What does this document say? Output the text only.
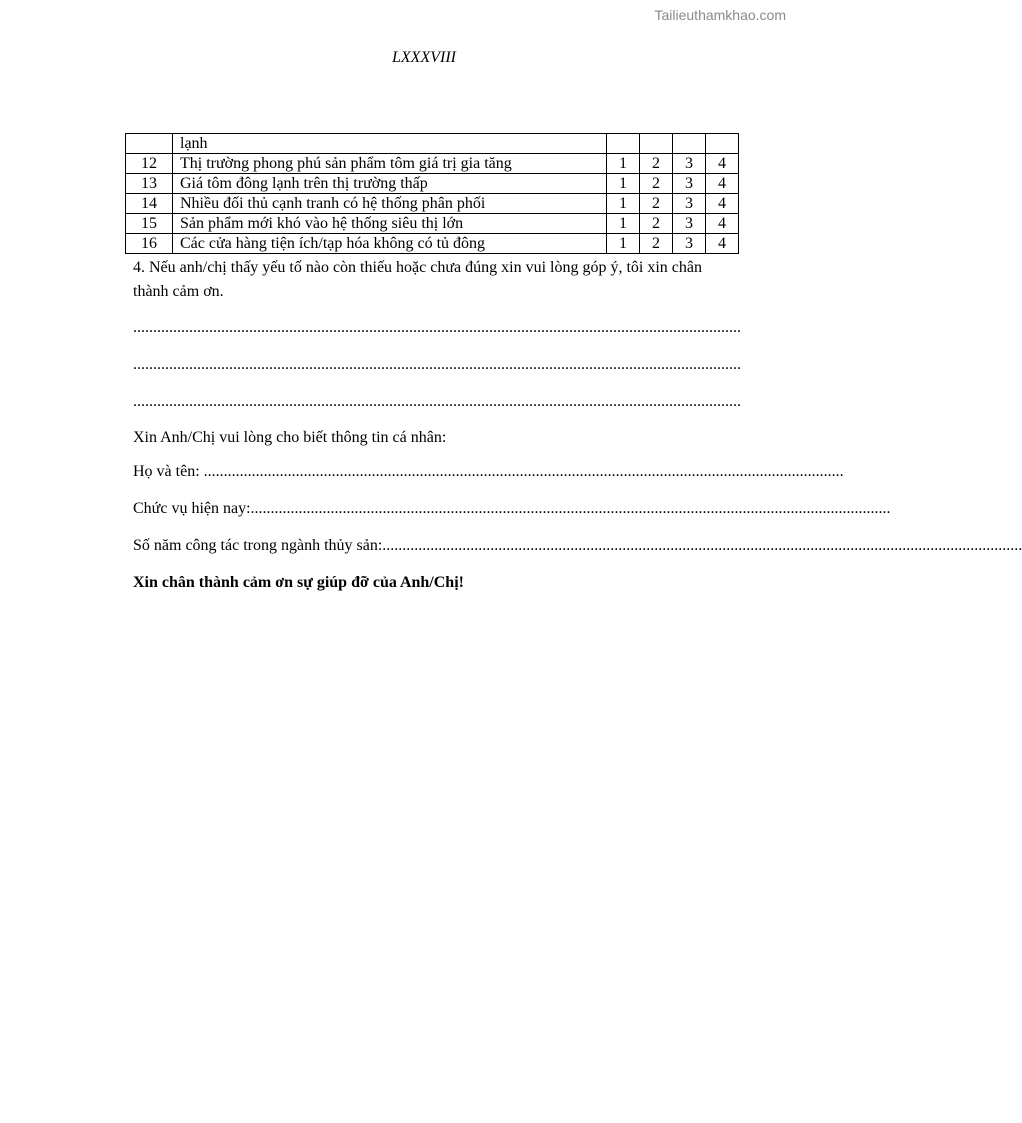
Tailieuthamkhao.com
LXXXVIII
	lạnh				
12	Thị trường phong phú sản phẩm tôm giá trị gia tăng	1	2	3	4
13	Giá tôm đông lạnh trên thị trường thấp	1	2	3	4
14	Nhiều đối thủ cạnh tranh có hệ thống phân phối	1	2	3	4
15	Sản phẩm mới khó vào hệ thống siêu thị lớn	1	2	3	4
16	Các cửa hàng tiện ích/tạp hóa không có tủ đông	1	2	3	4
4. Nếu anh/chị thấy yếu tố nào còn thiếu hoặc chưa đúng xin vui lòng góp ý, tôi xin chân thành cảm ơn.
........................................................................................................................................................
........................................................................................................................................................
........................................................................................................................................................
Xin Anh/Chị vui lòng cho biết thông tin cá nhân:
Họ và tên: ................................................................................................................................................................
Chức vụ hiện nay: ................................................................................................................................................................
Số năm công tác trong ngành thủy sản: ................................................................................................................................................................
Xin chân thành cảm ơn sự giúp đỡ của Anh/Chị!
